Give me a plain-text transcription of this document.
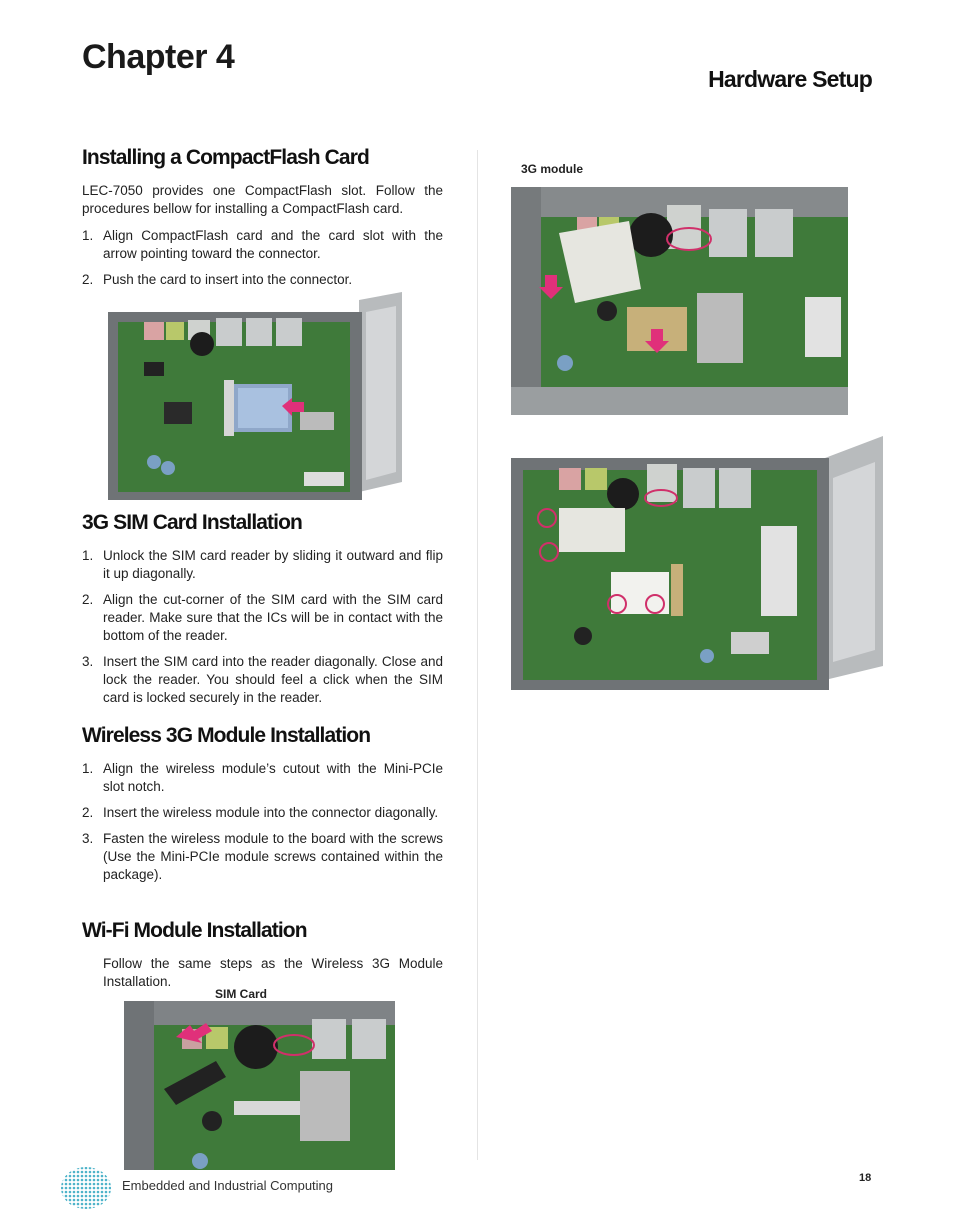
Chapter 4
Hardware Setup
Installing a CompactFlash Card
LEC-7050 provides one CompactFlash slot. Follow the procedures bellow for installing a CompactFlash card.
1. Align CompactFlash card and the card slot with the arrow pointing toward the connector.
2. Push the card to insert into the connector.
3G SIM Card Installation
1. Unlock the SIM card reader by sliding it outward and flip it up diagonally.
2. Align the cut-corner of the SIM card with the SIM card reader. Make sure that the ICs will be in contact with the bottom of the reader.
3. Insert the SIM card into the reader diagonally. Close and lock the reader. You should feel a click when the SIM card is locked securely in the reader.
Wireless 3G Module Installation
1. Align the wireless module’s cutout with the Mini-PCIe slot notch.
2. Insert the wireless module into the connector diagonally.
3. Fasten the wireless module to the board with the screws (Use the Mini-PCIe module screws contained within the package).
Wi-Fi Module Installation
Follow the same steps as the Wireless 3G Module Installation.
SIM Card
3G module
Embedded and Industrial Computing	18
